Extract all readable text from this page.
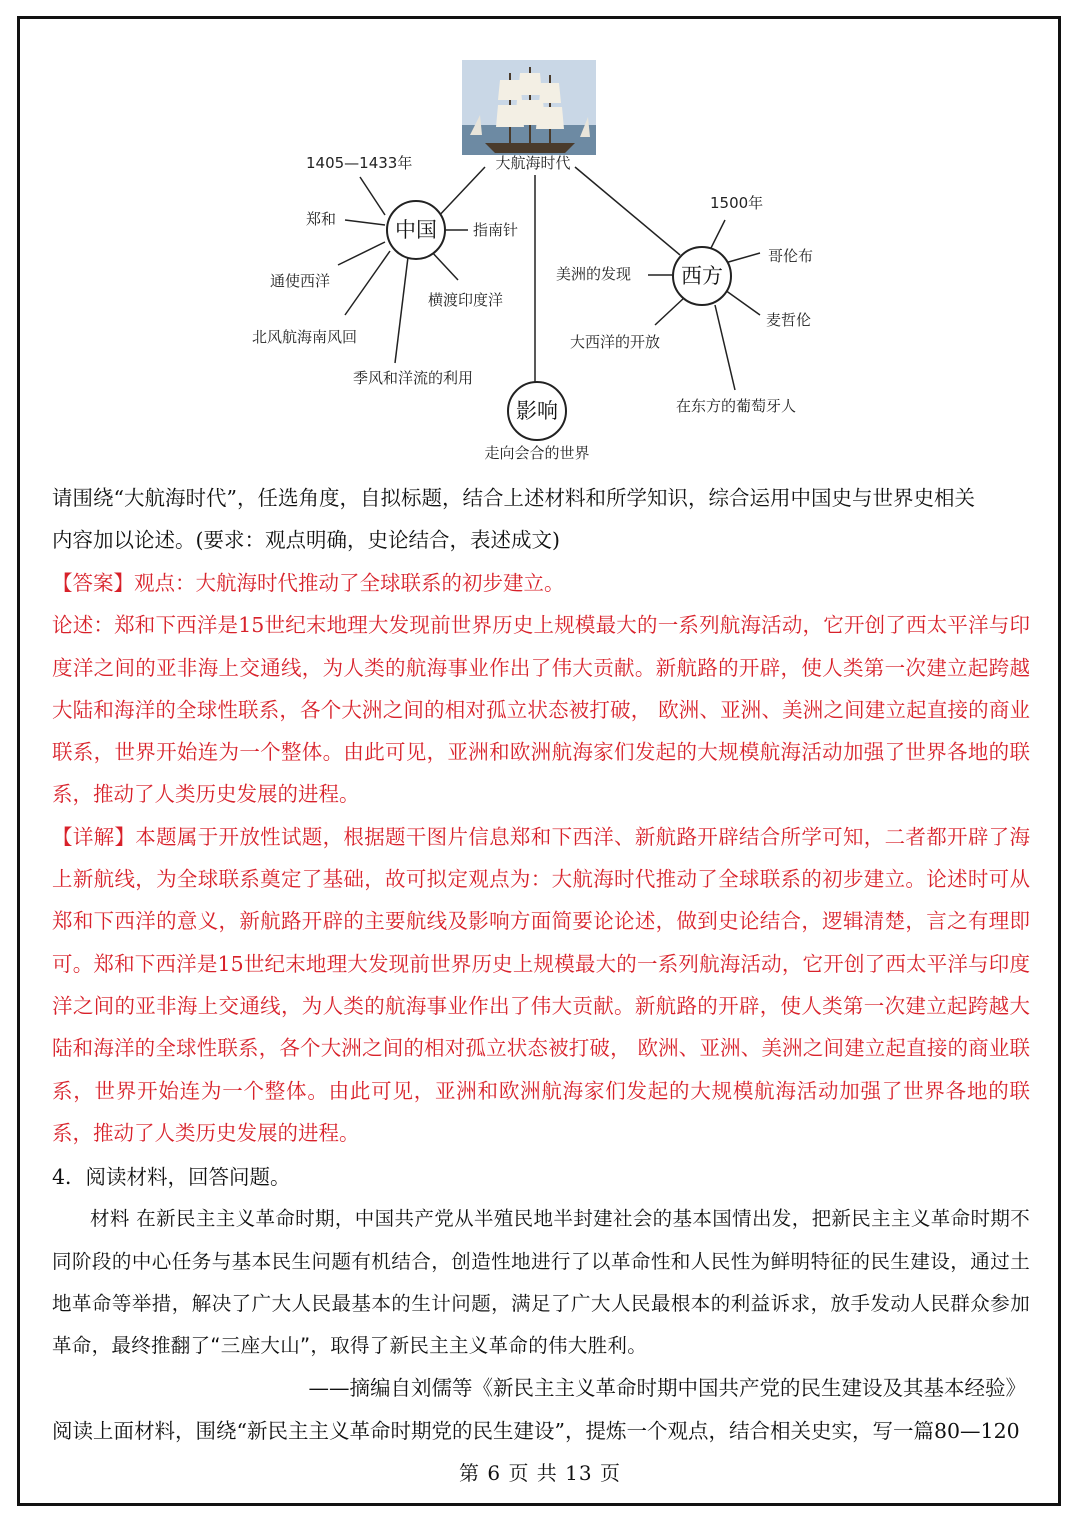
中国
西方
影响
大航海时代
1405—1433年
郑和
通使西洋
北风航海南风回
季风和洋流的利用
横渡印度洋
指南针
1500年
哥伦布
美洲的发现
麦哲伦
大西洋的开放
在东方的葡萄牙人
走向会合的世界

请围绕“大航海时代”，任选角度，自拟标题，结合上述材料和所学知识，综合运用中国史与世界史相关

内容加以论述。(要求：观点明确，史论结合，表述成文)

【答案】观点：大航海时代推动了全球联系的初步建立。

论述：郑和下西洋是15世纪末地理大发现前世界历史上规模最大的一系列航海活动，它开创了西太平洋与印度洋之间的亚非海上交通线，为人类的航海事业作出了伟大贡献。新航路的开辟，使人类第一次建立起跨越大陆和海洋的全球性联系，各个大洲之间的相对孤立状态被打破， 欧洲、亚洲、美洲之间建立起直接的商业联系，世界开始连为一个整体。由此可见，亚洲和欧洲航海家们发起的大规模航海活动加强了世界各地的联系，推动了人类历史发展的进程。

【详解】本题属于开放性试题，根据题干图片信息郑和下西洋、新航路开辟结合所学可知，二者都开辟了海上新航线，为全球联系奠定了基础，故可拟定观点为：大航海时代推动了全球联系的初步建立。论述时可从郑和下西洋的意义，新航路开辟的主要航线及影响方面简要论论述，做到史论结合，逻辑清楚，言之有理即可。郑和下西洋是15世纪末地理大发现前世界历史上规模最大的一系列航海活动，它开创了西太平洋与印度洋之间的亚非海上交通线，为人类的航海事业作出了伟大贡献。新航路的开辟，使人类第一次建立起跨越大陆和海洋的全球性联系，各个大洲之间的相对孤立状态被打破， 欧洲、亚洲、美洲之间建立起直接的商业联系，世界开始连为一个整体。由此可见，亚洲和欧洲航海家们发起的大规模航海活动加强了世界各地的联系，推动了人类历史发展的进程。

4．阅读材料，回答问题。

材料 在新民主主义革命时期，中国共产党从半殖民地半封建社会的基本国情出发，把新民主主义革命时期不同阶段的中心任务与基本民生问题有机结合，创造性地进行了以革命性和人民性为鲜明特征的民生建设，通过土地革命等举措，解决了广大人民最基本的生计问题，满足了广大人民最根本的利益诉求，放手发动人民群众参加革命，最终推翻了“三座大山”，取得了新民主主义革命的伟大胜利。

——摘编自刘儒等《新民主主义革命时期中国共产党的民生建设及其基本经验》

阅读上面材料，围绕“新民主主义革命时期党的民生建设”，提炼一个观点，结合相关史实，写一篇80—120

第 6 页 共 13 页
